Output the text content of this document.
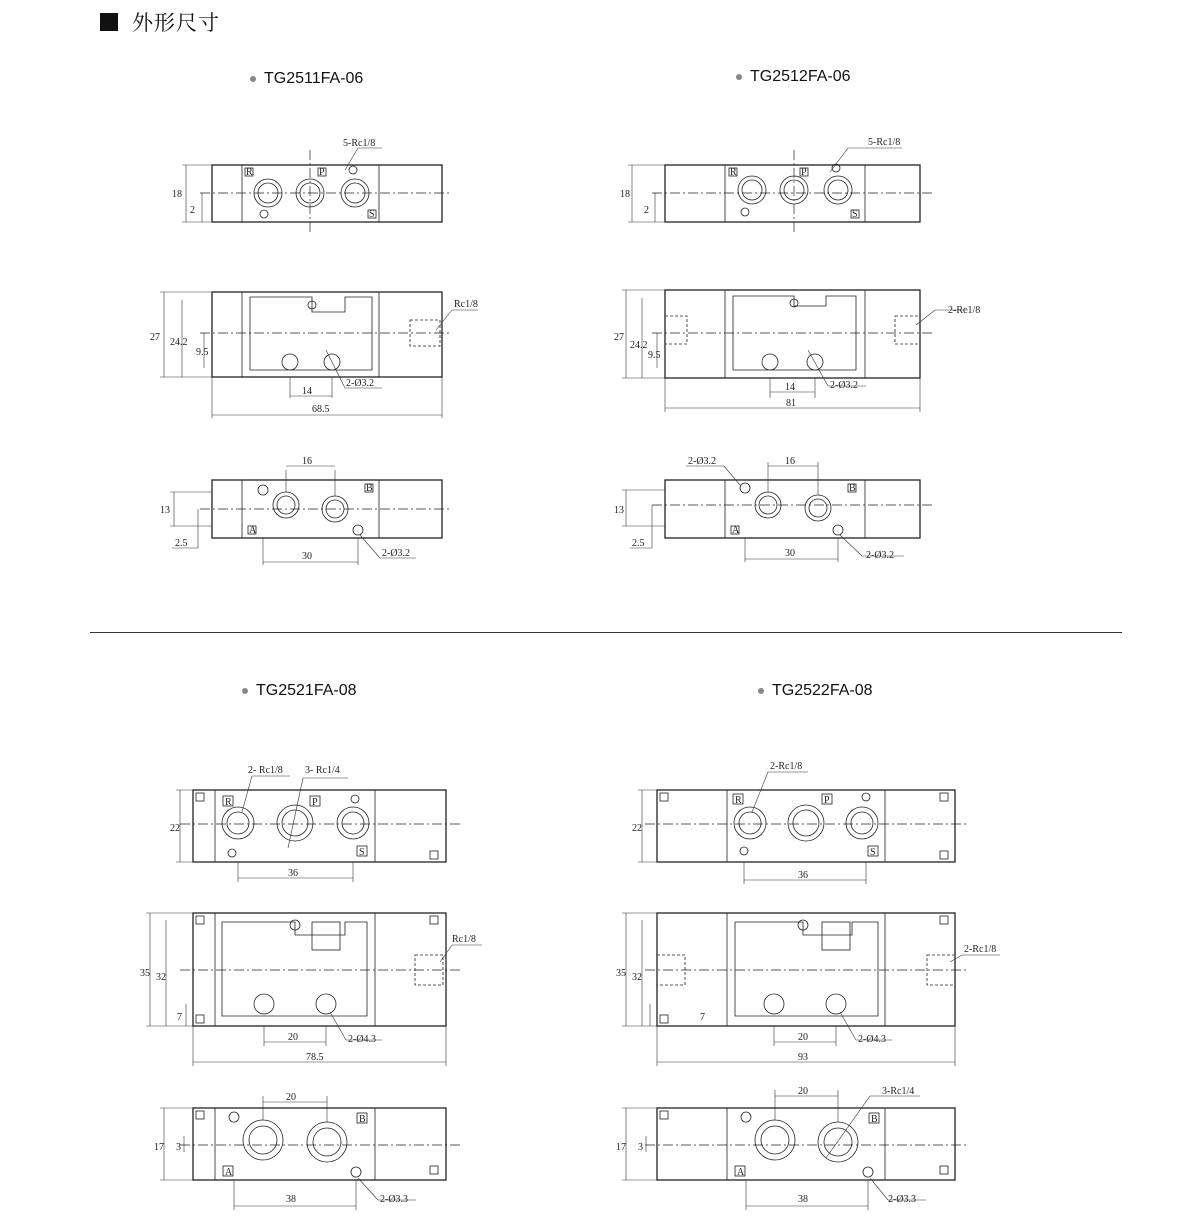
外形尺寸
TG2511FA-06	TG2512FA-06
TG2521FA-08	TG2522FA-08
R	P
S
5-Rc1/8
18
2
Rc1/8
27 24.2
9.5
14
2-Ø3.2
68.5
B
A
16
13
2.5
30	2-Ø3.2
R	P
S
5-Rc1/8
18
2
2-Rc1/8
27
24.2
9.5
14	2-Ø3.2
81
B
A
16
2-Ø3.2
13
2.5
30	2-Ø3.2
R	P
S
2- Rc1/8 3- Rc1/4
22
36
Rc1/8
35 32
7
20	2-Ø4.3
78.5
B
A
20
17 3
38	2-Ø3.3
R	P
S
2-Rc1/8
22
36
2-Rc1/8
35 32
7
20	2-Ø4.3
93
B
A
20	3-Rc1/4
17 3
38	2-Ø3.3
